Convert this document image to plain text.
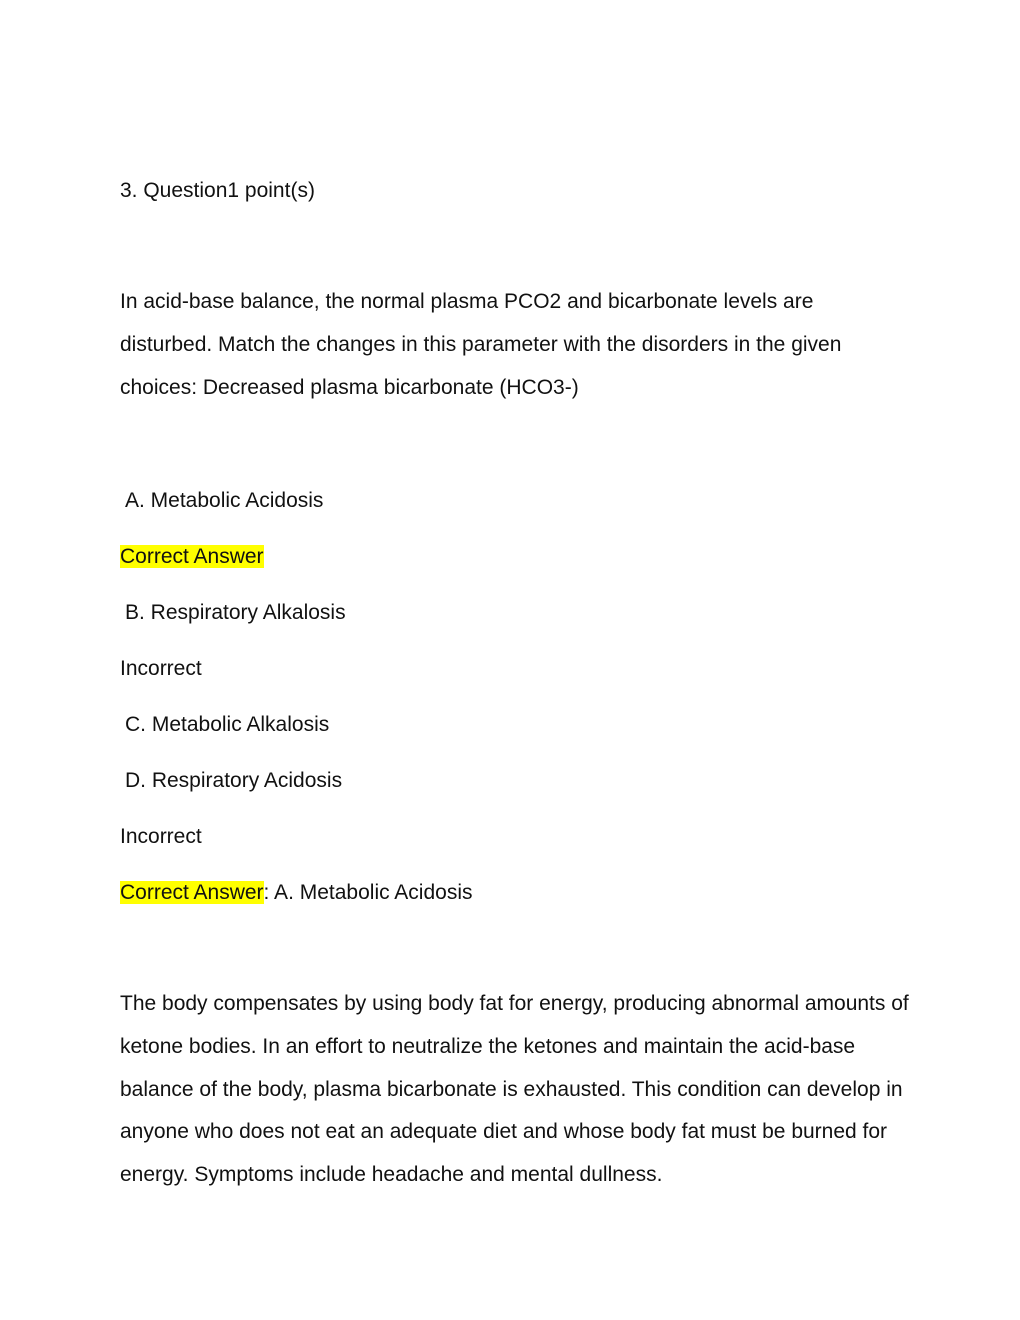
3. Question1 point(s)

In acid-base balance, the normal plasma PCO2 and bicarbonate levels are disturbed. Match the changes in this parameter with the disorders in the given choices: Decreased plasma bicarbonate (HCO3-)

A. Metabolic Acidosis
Correct Answer
B. Respiratory Alkalosis
Incorrect
C. Metabolic Alkalosis
D. Respiratory Acidosis
Incorrect
Correct Answer: A. Metabolic Acidosis

The body compensates by using body fat for energy, producing abnormal amounts of ketone bodies. In an effort to neutralize the ketones and maintain the acid-base balance of the body, plasma bicarbonate is exhausted. This condition can develop in anyone who does not eat an adequate diet and whose body fat must be burned for energy. Symptoms include headache and mental dullness.
